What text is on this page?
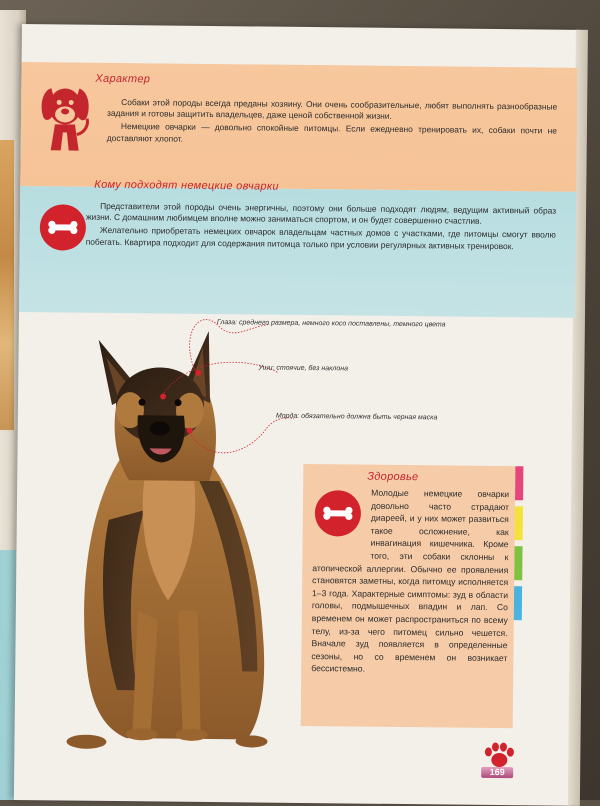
Характер

Собаки этой породы всегда преданы хозяину. Они очень сообразительные, любят выполнять разнообразные задания и готовы защитить владельцев, даже ценой собственной жизни.

Немецкие овчарки — довольно спокойные питомцы. Если ежедневно тренировать их, собаки почти не доставляют хлопот.

Кому подходят немецкие овчарки

Представители этой породы очень энергичны, поэтому они больше подходят людям, ведущим активный образ жизни. С домашним любимцем вполне можно заниматься спортом, и он будет совершенно счастлив.

Желательно приобретать немецких овчарок владельцам частных домов с участками, где питомцы смогут вволю побегать. Квартира подходит для содержания питомца только при условии регулярных активных тренировок.

Глаза: среднего размера, немного косо поставлены, темного цвета
Уши: стоячие, без наклона
Морда: обязательно должна быть черная маска
Здоровье
Молодые немецкие овчарки довольно часто страдают диареей, и у них может развиться такое осложнение, как инвагинация кишечника. Кроме того, эти собаки склонны к атопической аллергии. Обычно ее проявления становятся заметны, когда питомцу исполняется 1–3 года. Характерные симптомы: зуд в области головы, подмышечных впадин и лап. Со временем он может распространиться по всему телу, из-за чего питомец сильно чешется. Вначале зуд появляется в определенные сезоны, но со временем он возникает бессистемно.
169
